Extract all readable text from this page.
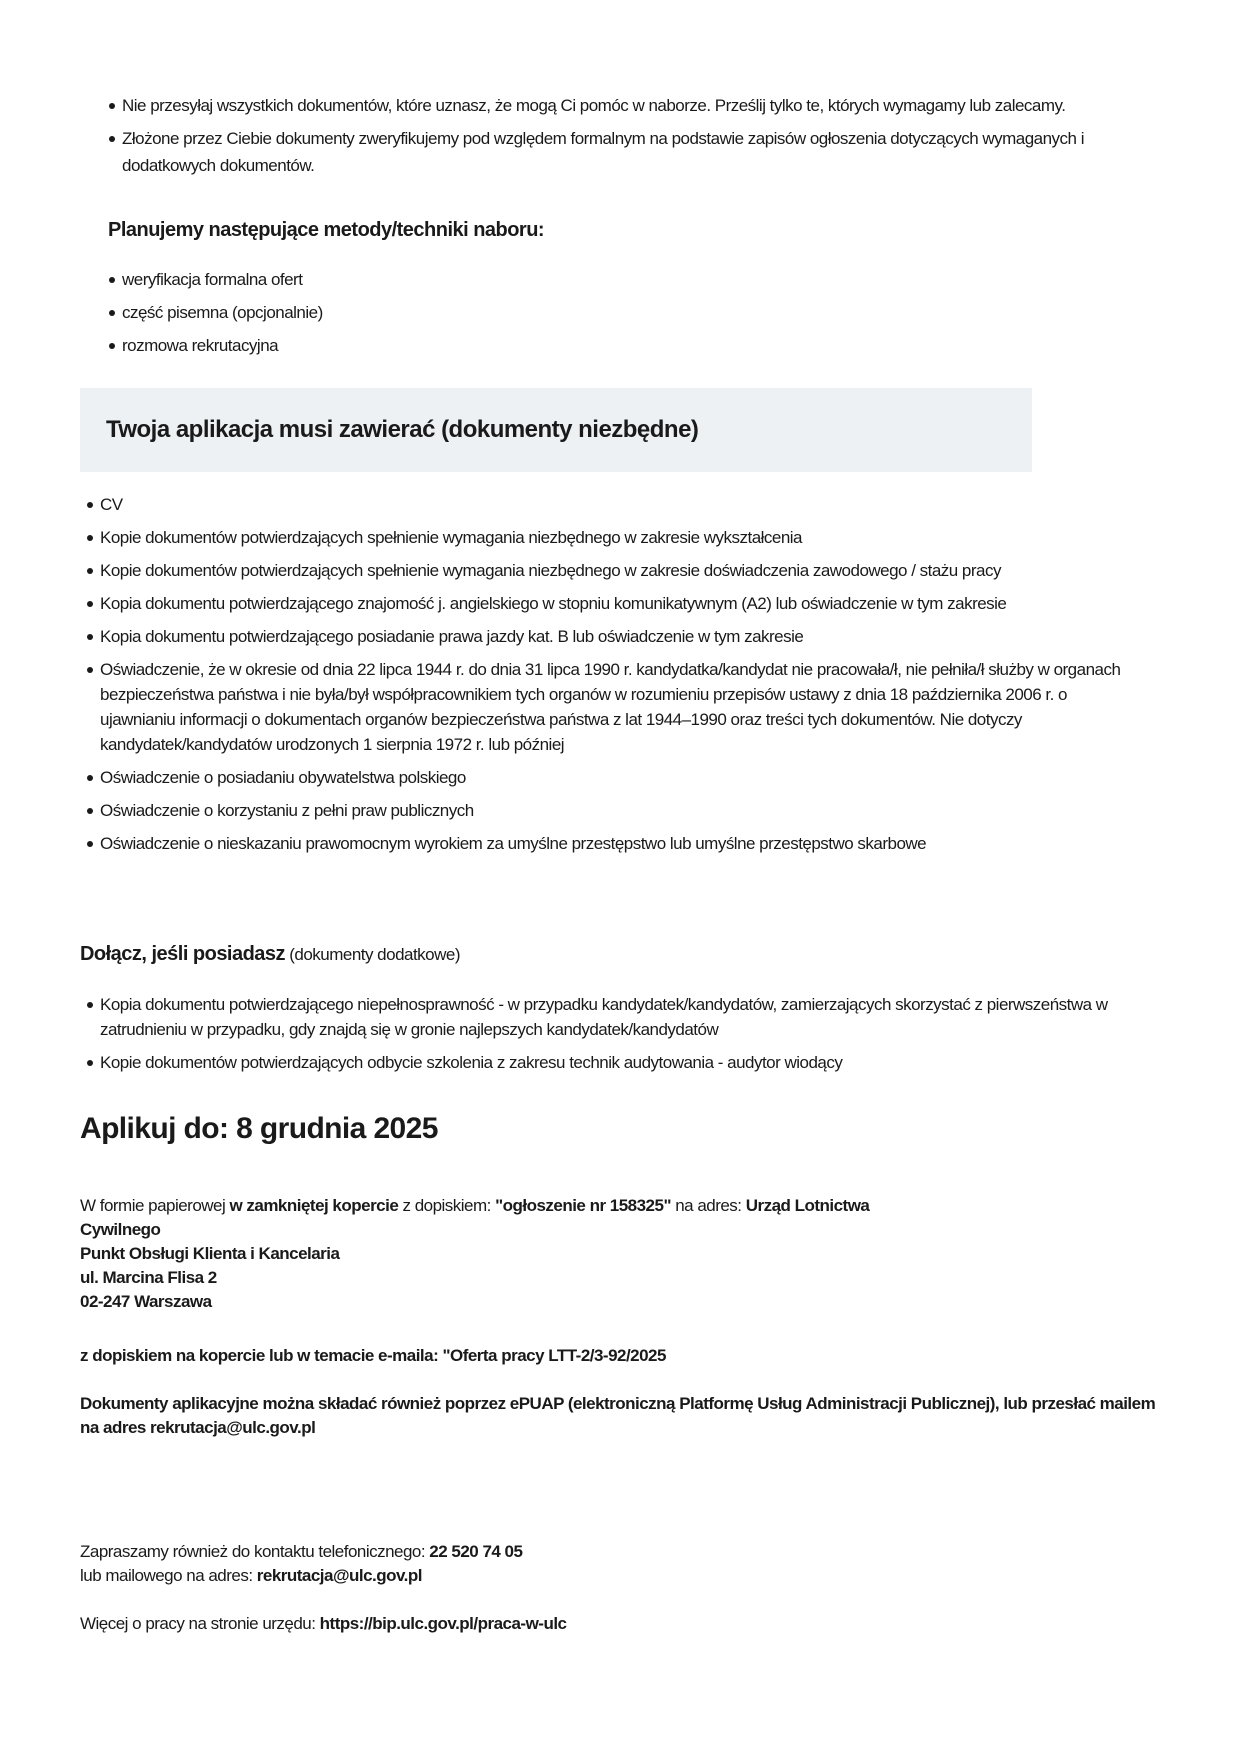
Nie przesyłaj wszystkich dokumentów, które uznasz, że mogą Ci pomóc w naborze. Prześlij tylko te, których wymagamy lub zalecamy.
Złożone przez Ciebie dokumenty zweryfikujemy pod względem formalnym na podstawie zapisów ogłoszenia dotyczących wymaganych i dodatkowych dokumentów.
Planujemy następujące metody/techniki naboru:
weryfikacja formalna ofert
część pisemna (opcjonalnie)
rozmowa rekrutacyjna
Twoja aplikacja musi zawierać (dokumenty niezbędne)
CV
Kopie dokumentów potwierdzających spełnienie wymagania niezbędnego w zakresie wykształcenia
Kopie dokumentów potwierdzających spełnienie wymagania niezbędnego w zakresie doświadczenia zawodowego / stażu pracy
Kopia dokumentu potwierdzającego znajomość j. angielskiego w stopniu komunikatywnym (A2) lub oświadczenie w tym zakresie
Kopia dokumentu potwierdzającego posiadanie prawa jazdy kat. B lub oświadczenie w tym zakresie
Oświadczenie, że w okresie od dnia 22 lipca 1944 r. do dnia 31 lipca 1990 r. kandydatka/kandydat nie pracowała/ł, nie pełniła/ł służby w organach bezpieczeństwa państwa i nie była/był współpracownikiem tych organów w rozumieniu przepisów ustawy z dnia 18 października 2006 r. o ujawnianiu informacji o dokumentach organów bezpieczeństwa państwa z lat 1944–1990 oraz treści tych dokumentów. Nie dotyczy kandydatek/kandydatów urodzonych 1 sierpnia 1972 r. lub później
Oświadczenie o posiadaniu obywatelstwa polskiego
Oświadczenie o korzystaniu z pełni praw publicznych
Oświadczenie o nieskazaniu prawomocnym wyrokiem za umyślne przestępstwo lub umyślne przestępstwo skarbowe
Dołącz, jeśli posiadasz (dokumenty dodatkowe)
Kopia dokumentu potwierdzającego niepełnosprawność - w przypadku kandydatek/kandydatów, zamierzających skorzystać z pierwszeństwa w zatrudnieniu w przypadku, gdy znajdą się w gronie najlepszych kandydatek/kandydatów
Kopie dokumentów potwierdzających odbycie szkolenia z zakresu technik audytowania - audytor wiodący
Aplikuj do: 8 grudnia 2025

W formie papierowej w zamkniętej kopercie z dopiskiem: "ogłoszenie nr 158325" na adres: Urząd Lotnictwa

Cywilnego
Punkt Obsługi Klienta i Kancelaria
ul. Marcina Flisa 2
02-247 Warszawa

z dopiskiem na kopercie lub w temacie e-maila: "Oferta pracy LTT-2/3-92/2025

Dokumenty aplikacyjne można składać również poprzez ePUAP (elektroniczną Platformę Usług Administracji Publicznej), lub przesłać mailem na adres rekrutacja@ulc.gov.pl

Zapraszamy również do kontaktu telefonicznego: 22 520 74 05

lub mailowego na adres: rekrutacja@ulc.gov.pl

Więcej o pracy na stronie urzędu: https://bip.ulc.gov.pl/praca-w-ulc
